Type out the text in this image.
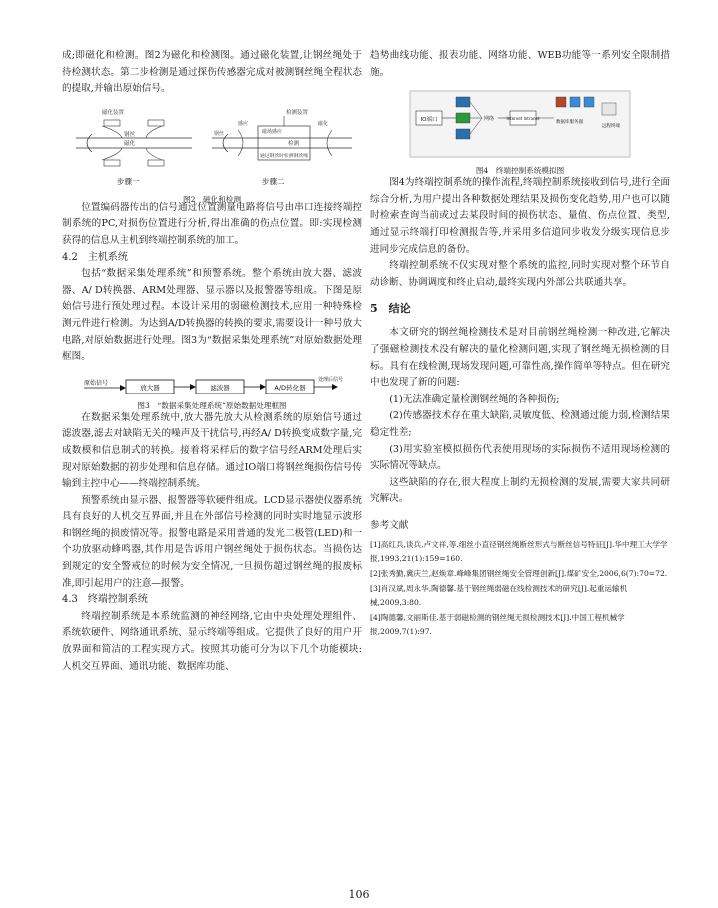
成;即磁化和检测。图2为磁化和检测图。通过磁化装置,让钢丝绳处于待检测状态。第二步检测是通过探伤传感器完成对被测钢丝绳全程状态的提取,并输出原始信号。

磁化装置
钢丝
磁化
步骤一
检测装置
磁场感应
检测
钢丝
感应	磁化
通过钢丝时检测钢丝绳
步骤二
图2　磁化和检测

位置编码器传出的信号通过位置测量电路将信号由串口连接终端控制系统的PC,对损伤位置进行分析,得出准确的伤点位置。即:实现检测获得的信息从主机到终端控制系统的加工。

4.2　主机系统

包括“数据采集处理系统”和预警系统。整个系统由放大器、滤波器、A/ D转换器、ARM处理器、显示器以及报警器等组成。下图是原始信号进行预处理过程。本设计采用的弱磁检测技术,应用一种特殊检测元件进行检测。为达到A/D转换器的转换的要求,需要设计一种号放大电路,对原始数据进行处理。图3为“数据采集处理系统”对原始数据处理框图。

原始信号
放大器	滤波器	A/D转化器
处理后信号
图3　“数据采集处理系统”原始数据处理框图

在数据采集处理系统中,放大器先放大从检测系统的原始信号通过滤波器,滤去对缺陷无关的噪声及干扰信号,再经A/ D转换变成数字量,完成数模和信息制式的转换。接着将采样后的数字信号经ARM处理后实现对原始数据的初步处理和信息存储。通过IO端口将钢丝绳损伤信号传输到主控中心——终端控制系统。

预警系统由显示器、报警器等软硬件组成。LCD显示器使仪器系统具有良好的人机交互界面,并且在外部信号检测的同时实时地显示波形和钢丝绳的损废情况等。报警电路是采用普通的发光二极管(LED)和一个功放驱动蜂鸣器,其作用是告诉用户钢丝绳处于损伤状态。当损伤达到规定的安全警戒位的时候为安全情况,一旦损伤超过钢丝绳的报废标准,即引起用户的注意—报警。

4.3　终端控制系统

终端控制系统是本系统监测的神经网络,它由中央处理处理组件、系统软硬件、网络通讯系统、显示终端等组成。它提供了良好的用户开放界面和简洁的工程实现方式。按照其功能可分为以下几个功能模块:人机交互界面、通讯功能、数据库功能、

趋势曲线功能、报表功能、网络功能、WEB功能等一系列安全限制措施。

IO端口	网络	Internet Intranet
数据库服务器
远程终端
图4　终端控制系统模拟图

图4为终端控制系统的操作流程,终端控制系统接收到信号,进行全面综合分析,为用户提出各种数据处理结果及损伤变化趋势,用户也可以随时检索查询当前或过去某段时间的损伤状态、量值、伤点位置、类型,通过显示终端打印检测报告等,并采用多信道同步收发分级实现信息步进同步完成信息的备份。

终端控制系统不仅实现对整个系统的监控,同时实现对整个环节自动诊断、协调调度和终止启动,最终实现内外部公共联通共享。

5　结论

本文研究的钢丝绳检测技术是对目前钢丝绳检测一种改进,它解决了强磁检测技术没有解决的量化检测问题,实现了钢丝绳无损检测的目标。具有在线检测,现场发现问题,可靠性高,操作简单等特点。但在研究中也发现了新的问题:

(1)无法准确定量检测钢丝绳的各种损伤;

(2)传感器技术存在重大缺陷,灵敏度低、检测通过能力弱,检测结果稳定性差;

(3)用实验室模拟损伤代表使用现场的实际损伤不适用现场检测的实际情况等缺点。

这些缺陷的存在,很大程度上制约无损检测的发展,需要大家共同研究解决。

参考文献

[1]高红兵,谈兵,卢文祥,等.细丝小直径钢丝绳断丝形式与断丝信号特征[J].华中理工大学学报,1993,21(1):159=160.

[2]张秀勤,冀庆兰,赵焕章.峰峰集团钢丝绳安全管理创新[J].煤矿安全,2006,6(7):70=72.

[3]肖汉斌,周永华,陶德馨.基于钢丝绳弱磁在线检测技术的研究[J].起重运输机械,2009,3:80.

[4]陶德馨,文丽斯佳.基于弱磁检测的钢丝绳无损检测技术[J].中国工程机械学报,2009,7(1):97.

106
